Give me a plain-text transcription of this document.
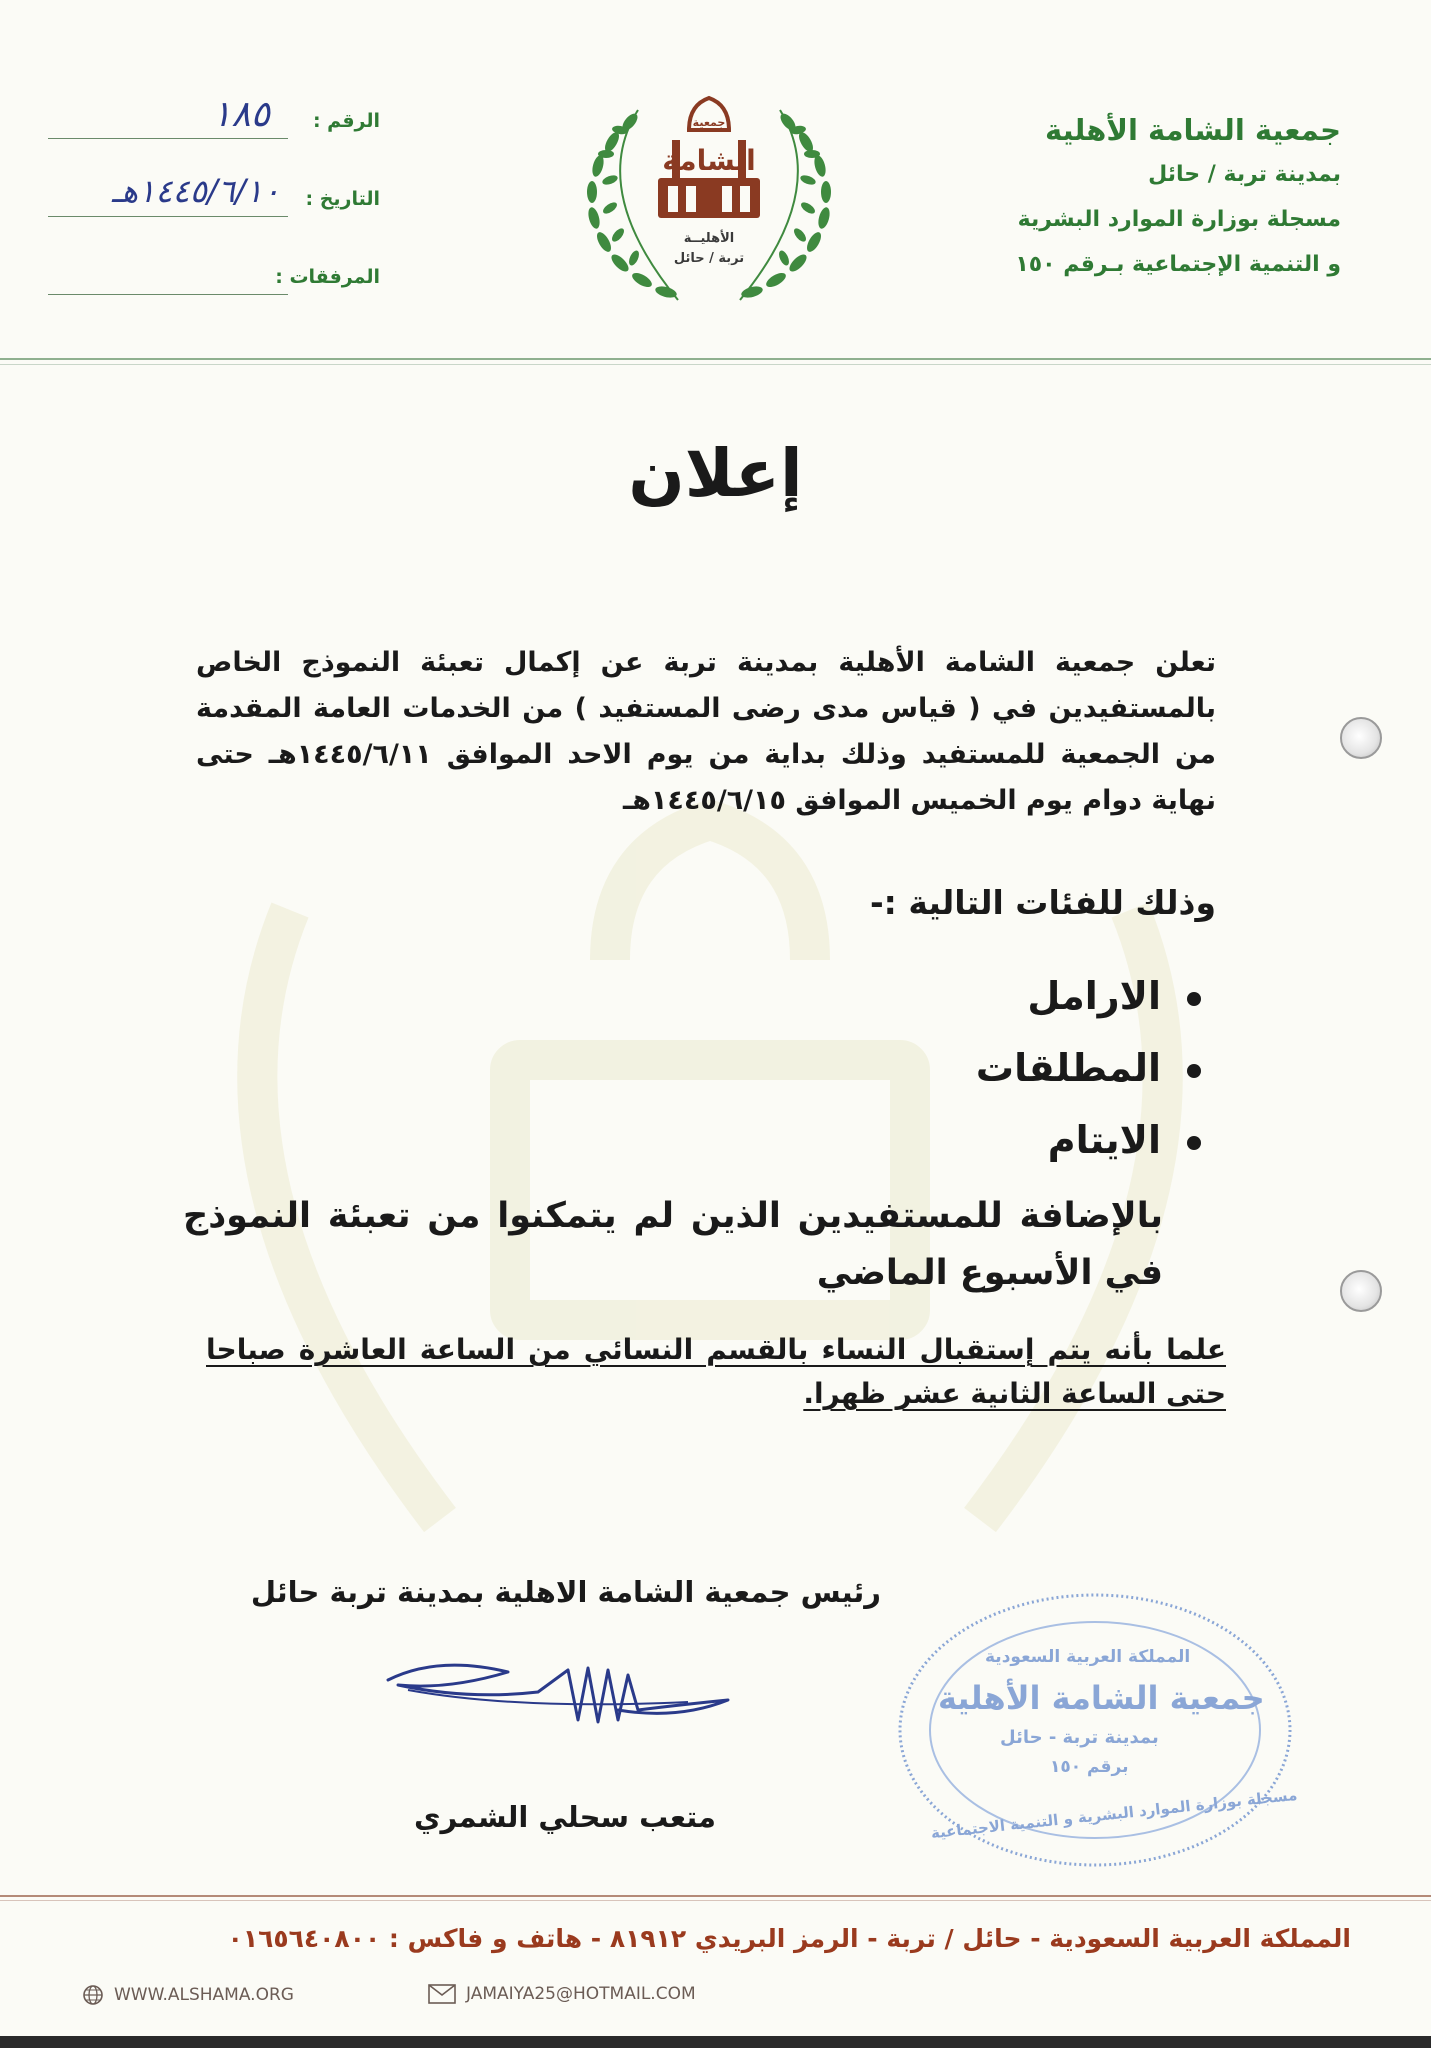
جمعية الشامة الأهلية
بمدينة تربة / حائل
مسجلة بوزارة الموارد البشرية
و التنمية الإجتماعية بـرقم ١٥٠
جمعية
الشامة
الأهليــة
تربة / حائل
الرقم :
١٨٥
التاريخ :
١٤٤٥/٦/١٠هـ
المرفقات :
إعلان
تعلن جمعية الشامة الأهلية بمدينة تربة عن إكمال تعبئة النموذج الخاص بالمستفيدين في ( قياس مدى رضى المستفيد ) من الخدمات العامة المقدمة من الجمعية للمستفيد وذلك بداية من يوم الاحد الموافق ١٤٤٥/٦/١١هـ حتى نهاية دوام يوم الخميس الموافق ١٤٤٥/٦/١٥هـ
وذلك للفئات التالية :-
الارامل
المطلقات
الايتام
بالإضافة للمستفيدين الذين لم يتمكنوا من تعبئة النموذج في الأسبوع الماضي
علما بأنه يتم إستقبال النساء بالقسم النسائي من الساعة العاشرة صباحا حتى الساعة الثانية عشر ظهرا.
رئيس جمعية الشامة الاهلية بمدينة تربة حائل
متعب سحلي الشمري
المملكة العربية السعودية
جمعية الشامة الأهلية
بمدينة تربة - حائل
برقم ١٥٠
مسجلة بوزارة الموارد البشرية و التنمية الاجتماعية
المملكة العربية السعودية - حائل / تربة - الرمز البريدي ٨١٩١٢ - هاتف و فاكس : ٠١٦٥٦٤٠٨٠٠
WWW.ALSHAMA.ORG	JAMAIYA25@HOTMAIL.COM
